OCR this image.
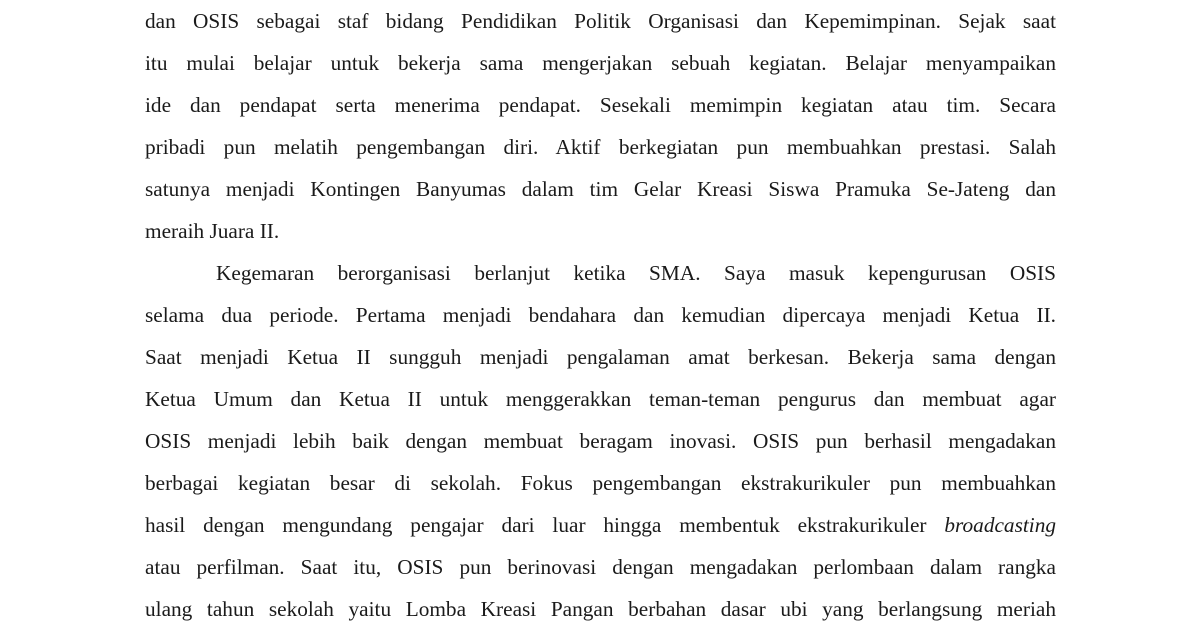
dan OSIS sebagai staf bidang Pendidikan Politik Organisasi dan Kepemimpinan. Sejak saat
itu mulai belajar untuk bekerja sama mengerjakan sebuah kegiatan. Belajar menyampaikan
ide dan pendapat serta menerima pendapat. Sesekali memimpin kegiatan atau tim. Secara
pribadi pun melatih pengembangan diri. Aktif berkegiatan pun membuahkan prestasi. Salah
satunya menjadi Kontingen Banyumas dalam tim Gelar Kreasi Siswa Pramuka Se-Jateng dan
meraih Juara II.
Kegemaran berorganisasi berlanjut ketika SMA. Saya masuk kepengurusan OSIS
selama dua periode. Pertama menjadi bendahara dan kemudian dipercaya menjadi Ketua II.
Saat menjadi Ketua II sungguh menjadi pengalaman amat berkesan. Bekerja sama dengan
Ketua Umum dan Ketua II untuk menggerakkan teman-teman pengurus dan membuat agar
OSIS menjadi lebih baik dengan membuat beragam inovasi. OSIS pun berhasil mengadakan
berbagai kegiatan besar di sekolah. Fokus pengembangan ekstrakurikuler pun membuahkan
hasil dengan mengundang pengajar dari luar hingga membentuk ekstrakurikuler broadcasting
atau perfilman. Saat itu, OSIS pun berinovasi dengan mengadakan perlombaan dalam rangka
ulang tahun sekolah yaitu Lomba Kreasi Pangan berbahan dasar ubi yang berlangsung meriah
